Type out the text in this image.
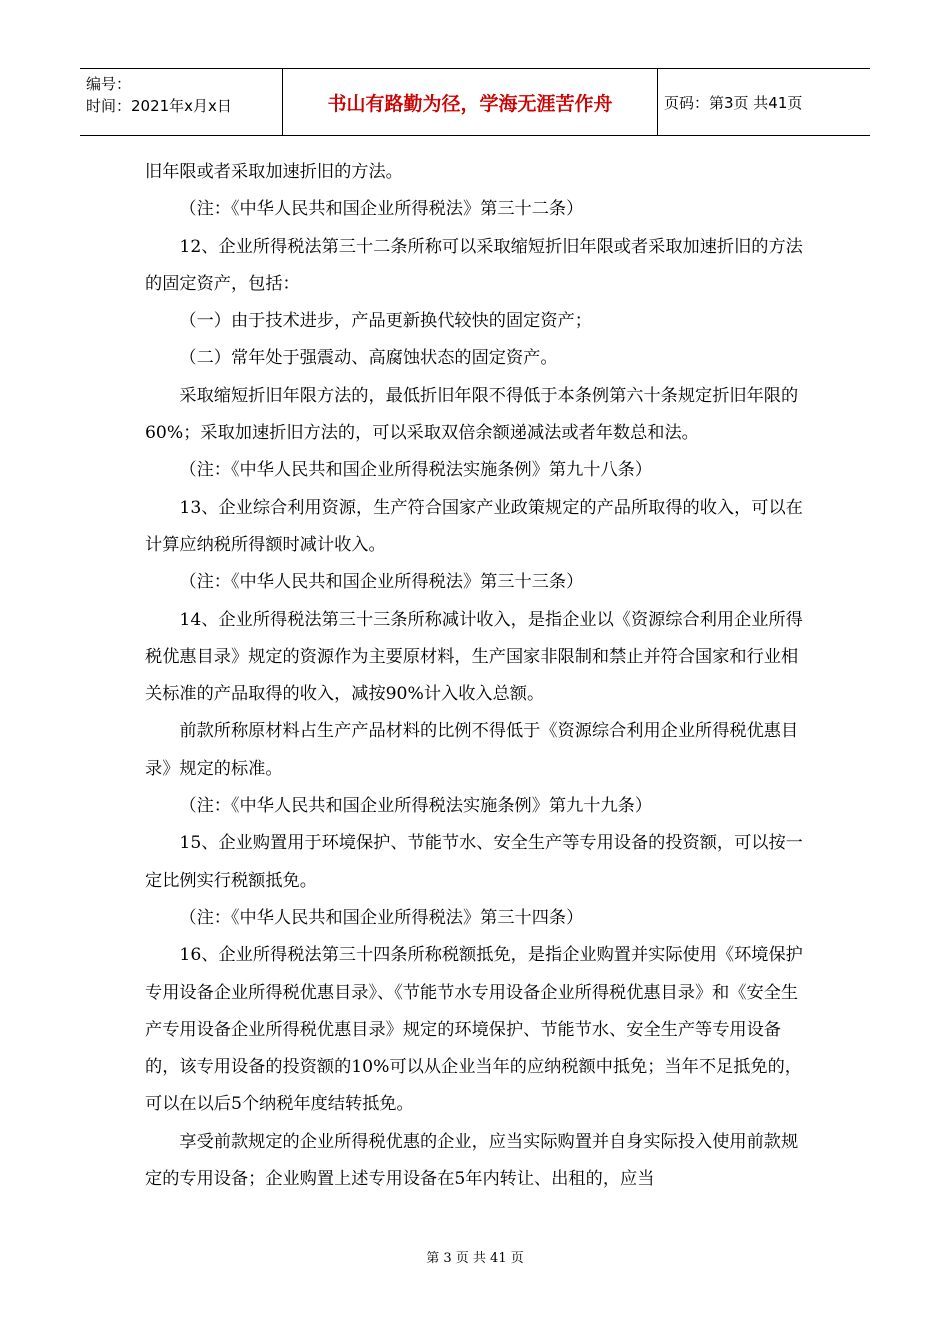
编号：
时间：2021年x月x日	书山有路勤为径，学海无涯苦作舟	页码：第3页 共41页

旧年限或者采取加速折旧的方法。

（注：《中华人民共和国企业所得税法》第三十二条）

12、企业所得税法第三十二条所称可以采取缩短折旧年限或者采取加速折旧的方法的固定资产，包括：

（一）由于技术进步，产品更新换代较快的固定资产；

（二）常年处于强震动、高腐蚀状态的固定资产。

采取缩短折旧年限方法的，最低折旧年限不得低于本条例第六十条规定折旧年限的60%；采取加速折旧方法的，可以采取双倍余额递减法或者年数总和法。

（注：《中华人民共和国企业所得税法实施条例》第九十八条）

13、企业综合利用资源，生产符合国家产业政策规定的产品所取得的收入，可以在计算应纳税所得额时减计收入。

（注：《中华人民共和国企业所得税法》第三十三条）

14、企业所得税法第三十三条所称减计收入，是指企业以《资源综合利用企业所得税优惠目录》规定的资源作为主要原材料，生产国家非限制和禁止并符合国家和行业相关标准的产品取得的收入，减按90%计入收入总额。

前款所称原材料占生产产品材料的比例不得低于《资源综合利用企业所得税优惠目录》规定的标准。

（注：《中华人民共和国企业所得税法实施条例》第九十九条）

15、企业购置用于环境保护、节能节水、安全生产等专用设备的投资额，可以按一定比例实行税额抵免。

（注：《中华人民共和国企业所得税法》第三十四条）

16、企业所得税法第三十四条所称税额抵免，是指企业购置并实际使用《环境保护专用设备企业所得税优惠目录》、《节能节水专用设备企业所得税优惠目录》和《安全生产专用设备企业所得税优惠目录》规定的环境保护、节能节水、安全生产等专用设备的，该专用设备的投资额的10%可以从企业当年的应纳税额中抵免；当年不足抵免的，可以在以后5个纳税年度结转抵免。

享受前款规定的企业所得税优惠的企业，应当实际购置并自身实际投入使用前款规定的专用设备；企业购置上述专用设备在5年内转让、出租的，应当

第 3 页 共 41 页
